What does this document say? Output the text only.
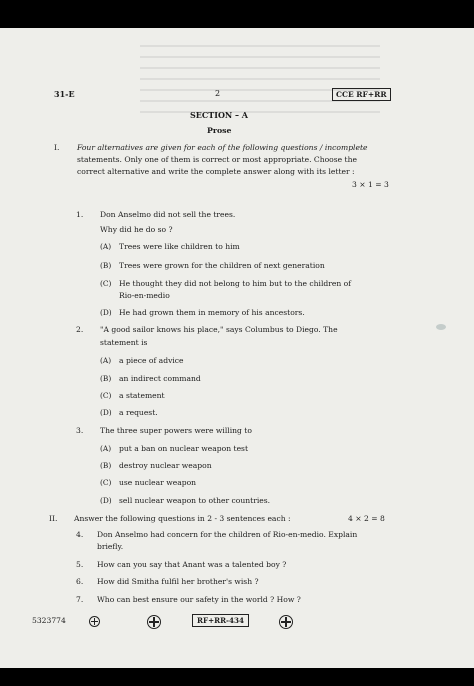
31-E	2	CCE RF+RR
SECTION – A
Prose
I. Four alternatives are given for each of the following questions / incomplete
statements. Only one of them is correct or most appropriate. Choose the
correct alternative and write the complete answer along with its letter :
3 × 1 = 3
1. Don Anselmo did not sell the trees.
Why did he do so ?
(A) Trees were like children to him
(B) Trees were grown for the children of next generation
(C) He thought they did not belong to him but to the children of
Rio-en-medio
(D) He had grown them in memory of his ancestors.
2. "A good sailor knows his place," says Columbus to Diego. The
statement is
(A) a piece of advice
(B) an indirect command
(C) a statement
(D) a request.
3. The three super powers were willing to
(A) put a ban on nuclear weapon test
(B) destroy nuclear weapon
(C) use nuclear weapon
(D) sell nuclear weapon to other countries.
II. Answer the following questions in 2 - 3 sentences each :	4 × 2 = 8
4. Don Anselmo had concern for the children of Rio-en-medio. Explain
briefly.
5. How can you say that Anant was a talented boy ?
6. How did Smitha fulfil her brother's wish ?
7. Who can best ensure our safety in the world ? How ?
5323774	RF+RR-434
